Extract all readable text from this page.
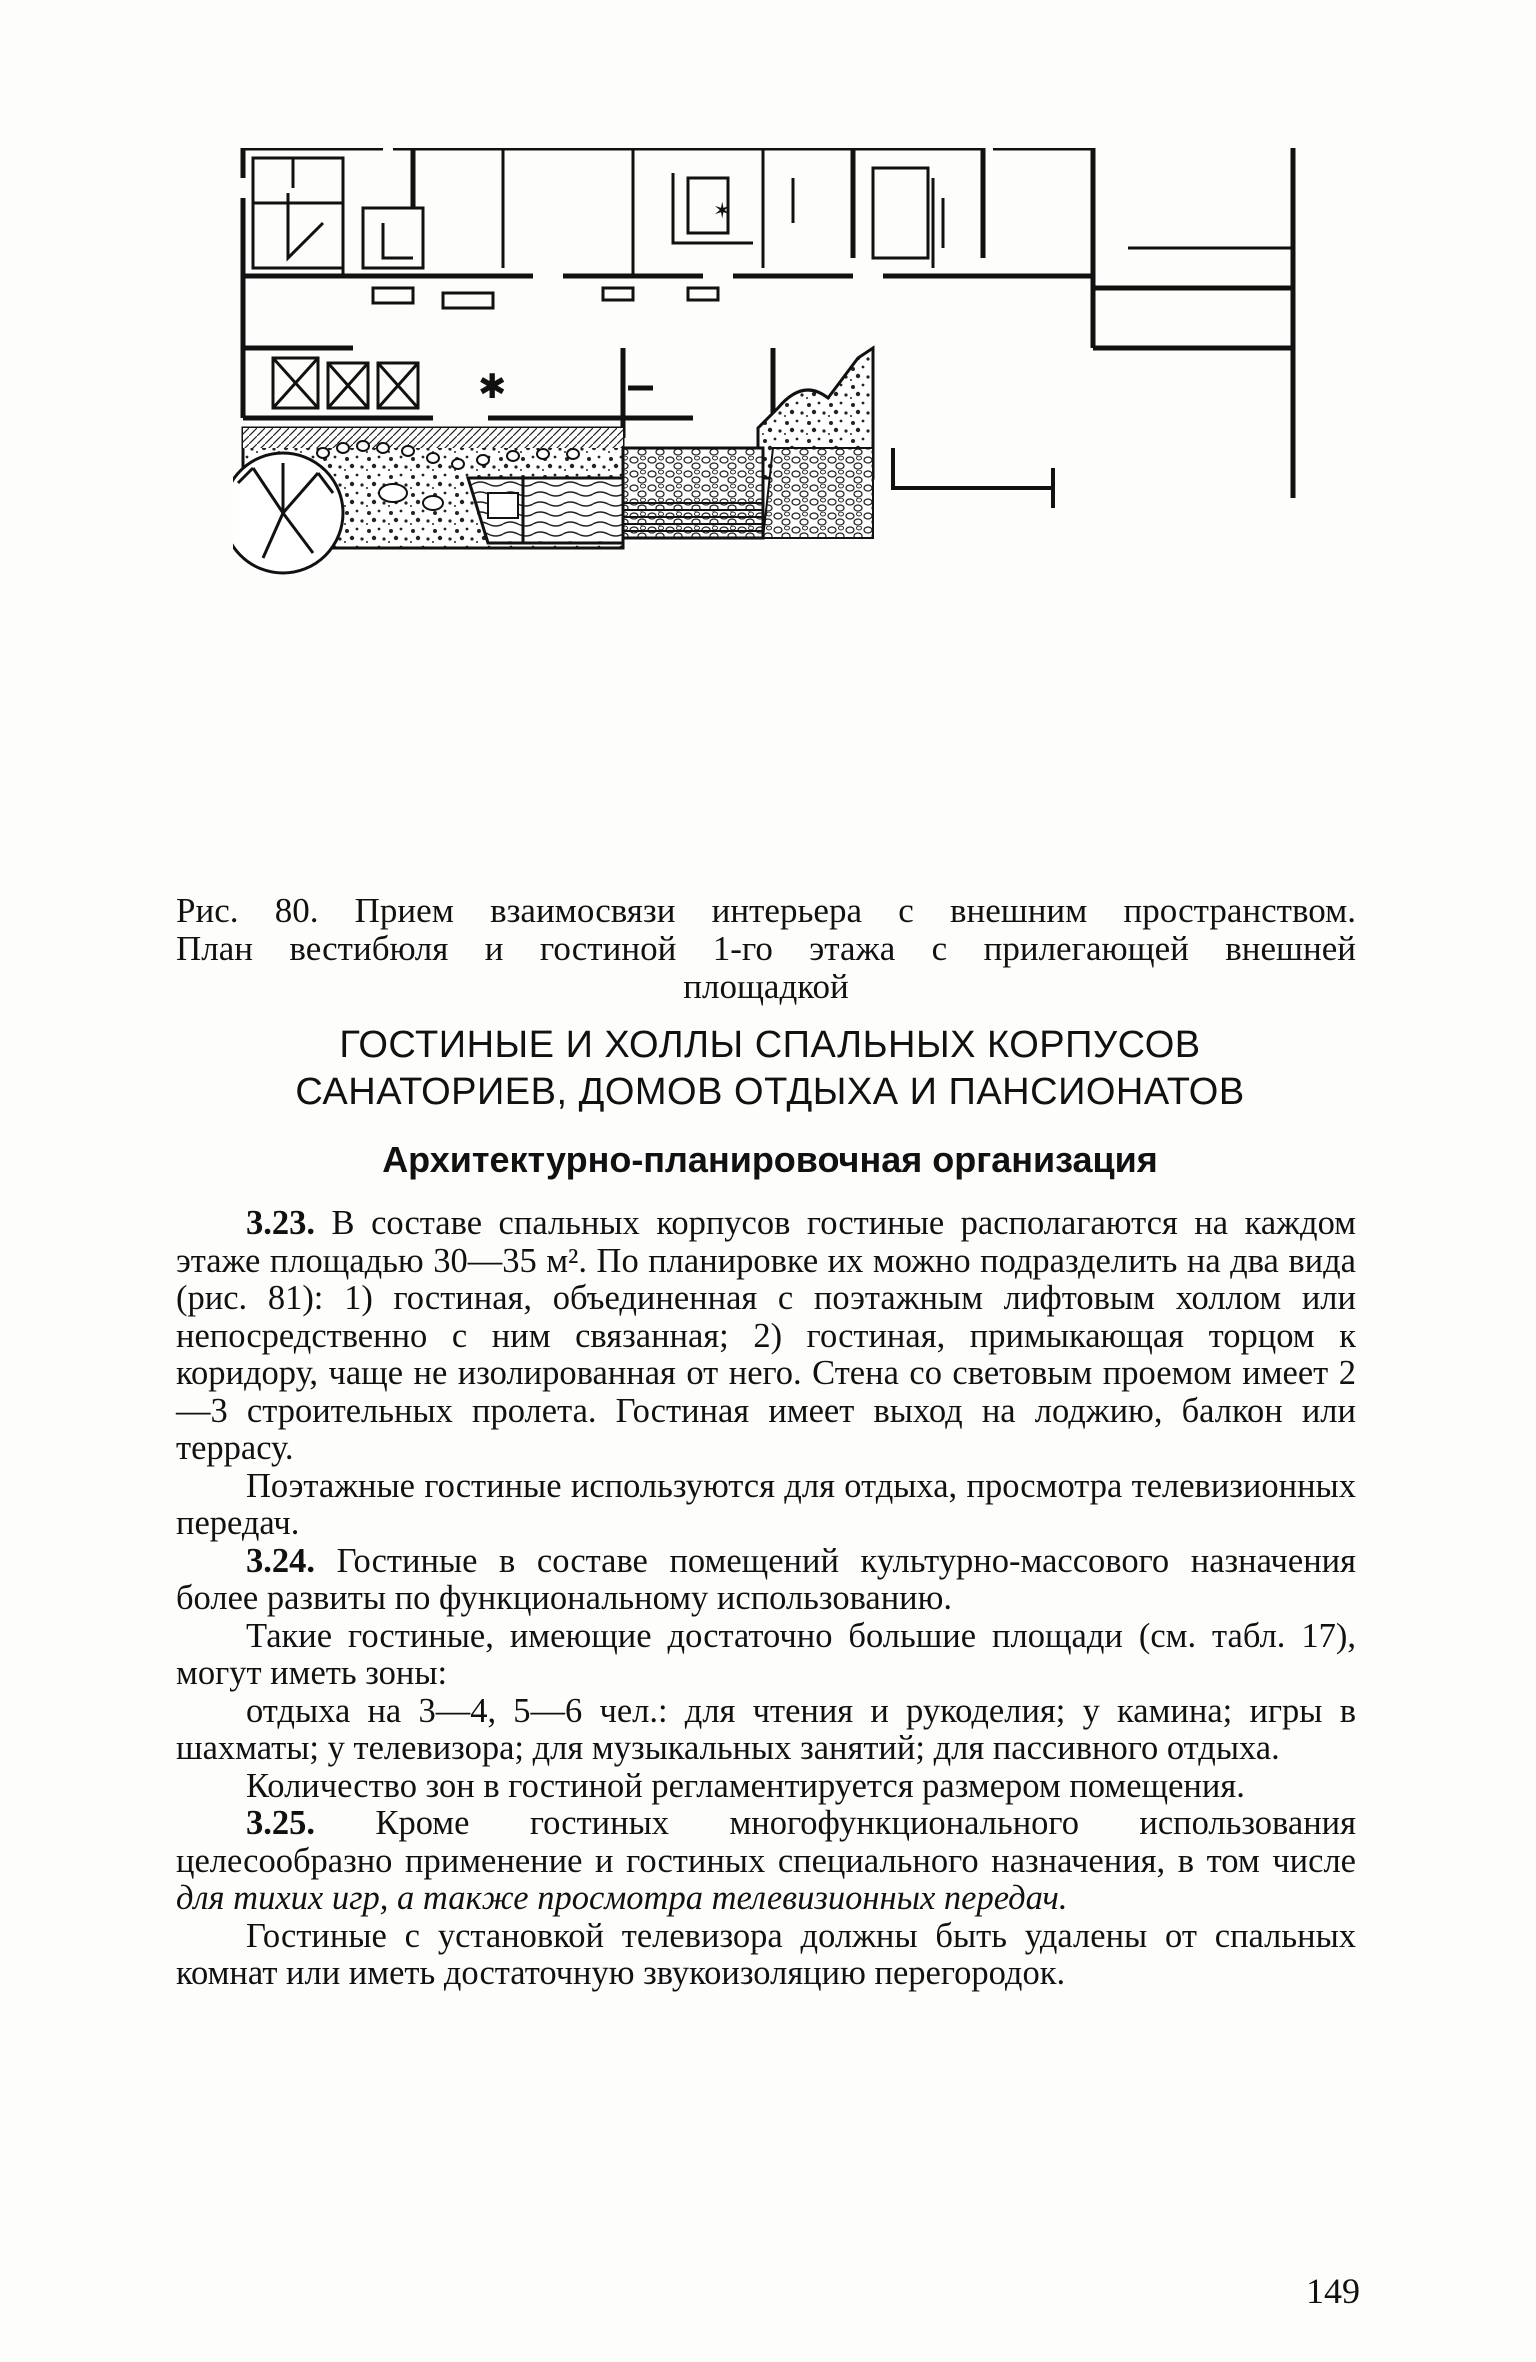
✱
✶
Рис. 80. Прием взаимосвязи интерьера с внешним пространством.
План вестибюля и гостиной 1-го этажа с прилегающей внешней
площадкой
ГОСТИНЫЕ И ХОЛЛЫ СПАЛЬНЫХ КОРПУСОВ
САНАТОРИЕВ, ДОМОВ ОТДЫХА И ПАНСИОНАТОВ
Архитектурно-планировочная организация

3.23. В составе спальных корпусов гостиные располагаются на каждом этаже площадью 30—35 м². По планировке их можно подразделить на два вида (рис. 81): 1) гостиная, объединенная с поэтажным лифтовым холлом или непосредственно с ним связанная; 2) гостиная, примыкающая торцом к коридору, чаще не изолированная от него. Стена со световым проемом имеет 2—3 строительных пролета. Гостиная имеет выход на лоджию, балкон или террасу.

Поэтажные гостиные используются для отдыха, просмотра телевизионных передач.

3.24. Гостиные в составе помещений культурно-массового назначения более развиты по функциональному использованию.

Такие гостиные, имеющие достаточно большие площади (см. табл. 17), могут иметь зоны:

отдыха на 3—4, 5—6 чел.: для чтения и рукоделия; у камина; игры в шахматы; у телевизора; для музыкальных занятий; для пассивного отдыха.

Количество зон в гостиной регламентируется размером помещения.

3.25. Кроме гостиных многофункционального использования целесообразно применение и гостиных специального назначения, в том числе для тихих игр, а также просмотра телевизионных передач.

Гостиные с установкой телевизора должны быть удалены от спальных комнат или иметь достаточную звукоизоляцию перегородок.

149
